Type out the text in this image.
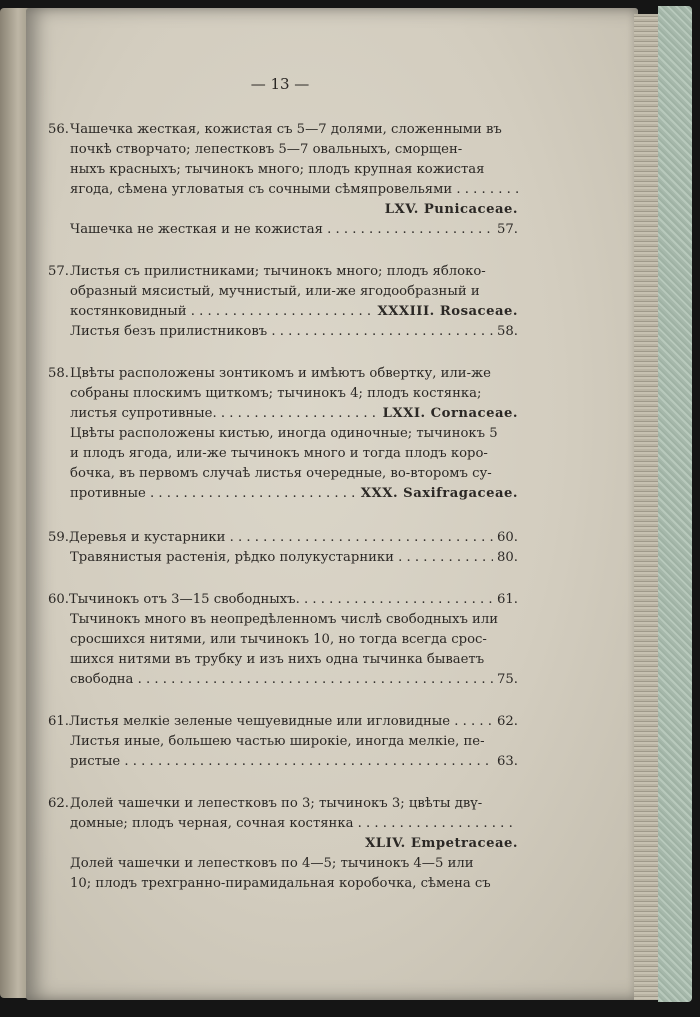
— 13 —
56.Чашечка жесткая, кожистая съ 5—7 долями, сложенными въ
почкѣ створчато; лепестковъ 5—7 овальныхъ, сморщен-
ныхъ красныхъ; тычинокъ много; плодъ крупная кожистая
ягода, сѣмена угловатыя съ сочными сѣмяпровельями . . .
LXV. Punicaceae.
Чашечка не жесткая и не кожистая . . .	57.
57.Листья съ прилистниками; тычинокъ много; плодъ яблоко-
образный мясистый, мучнистый, или-же ягодообразный и
костянковидный . . .	XXXIII. Rosaceae.
Листья безъ прилистниковъ . . .	58.
58.Цвѣты расположены зонтикомъ и имѣютъ обвертку, или-же
собраны плоскимъ щиткомъ; тычинокъ 4; плодъ костянка;
листья супротивные. . . .	LXXI. Cornaceae.
Цвѣты расположены кистью, иногда одиночные; тычинокъ 5
и плодъ ягода, или-же тычинокъ много и тогда плодъ коро-
бочка, въ первомъ случаѣ листья очередные, во-второмъ су-
противные . . .	XXX. Saxifragaceae.
59. Деревья и кустарники . . .	60.
Травянистыя растенія, рѣдко полукустарники . . .	80.
60. Тычинокъ отъ 3—15 свободныхъ. . . .	61.
Тычинокъ много въ неопредѣленномъ числѣ свободныхъ или
сросшихся нитями, или тычинокъ 10, но тогда всегда срос-
шихся нитями въ трубку и изъ нихъ одна тычинка бываетъ
свободна . . .	75.
61. Листья мелкіе зеленые чешуевидные или игловидные . . .	62.
Листья иные, большею частью широкіе, иногда мелкіе, пе-
ристые . . .	63.
62.Долей чашечки и лепестковъ по 3; тычинокъ 3; цвѣты двү-
домные; плодъ черная, сочная костянка . . .
XLIV. Empetraceae.
Долей чашечки и лепестковъ по 4—5; тычинокъ 4—5 или
10; плодъ трехгранно-пирамидальная коробочка, сѣмена съ
